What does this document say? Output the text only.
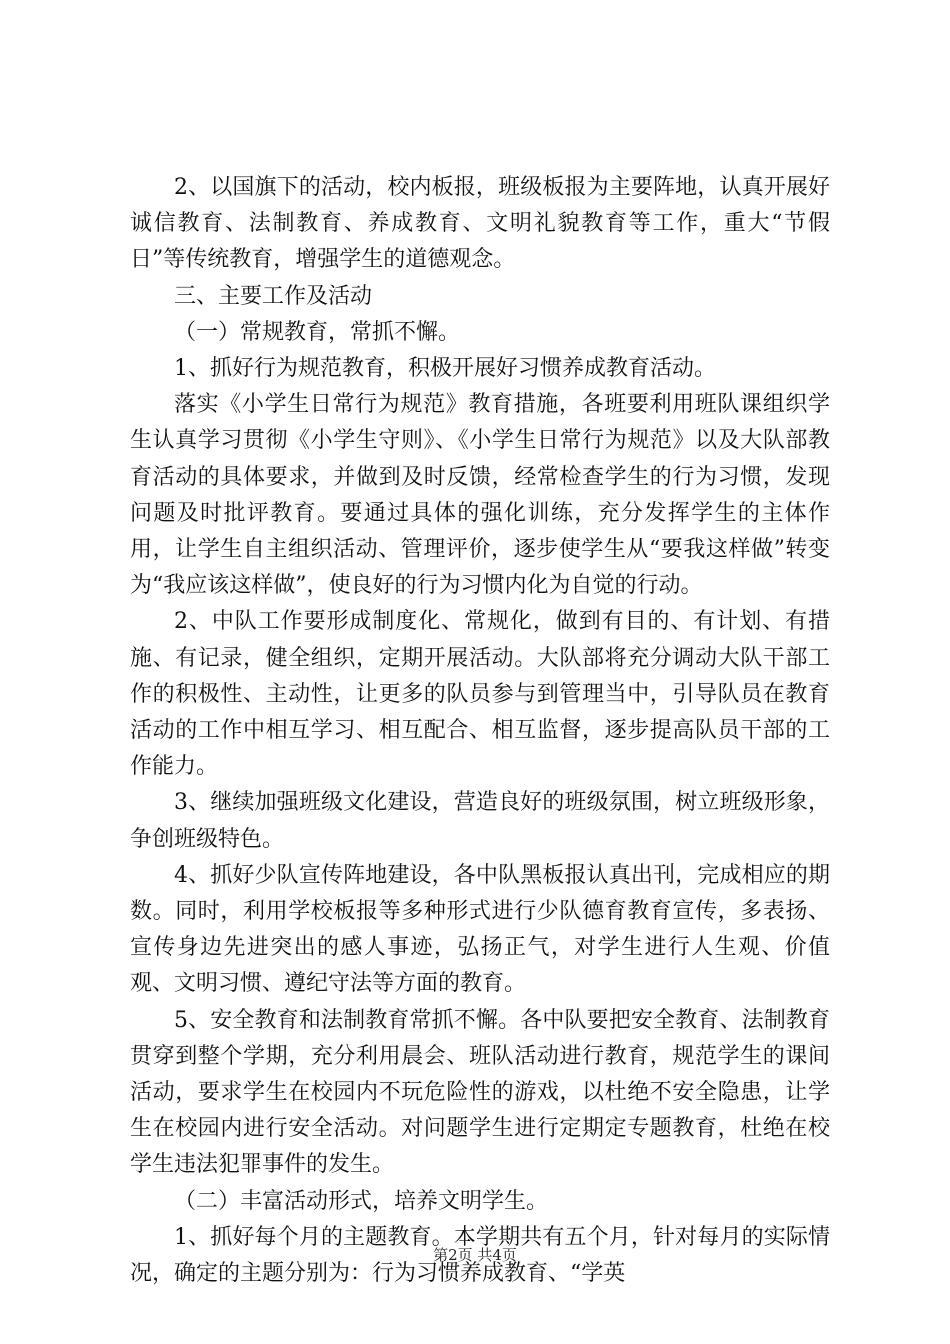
2、以国旗下的活动，校内板报，班级板报为主要阵地，认真开展好诚信教育、法制教育、养成教育、文明礼貌教育等工作，重大“节假日”等传统教育，增强学生的道德观念。

三、主要工作及活动

（一）常规教育，常抓不懈。

1、抓好行为规范教育，积极开展好习惯养成教育活动。

落实《小学生日常行为规范》教育措施，各班要利用班队课组织学生认真学习贯彻《小学生守则》、《小学生日常行为规范》以及大队部教育活动的具体要求，并做到及时反馈，经常检查学生的行为习惯，发现问题及时批评教育。要通过具体的强化训练，充分发挥学生的主体作用，让学生自主组织活动、管理评价，逐步使学生从“要我这样做”转变为“我应该这样做”，使良好的行为习惯内化为自觉的行动。

2、中队工作要形成制度化、常规化，做到有目的、有计划、有措施、有记录，健全组织，定期开展活动。大队部将充分调动大队干部工作的积极性、主动性，让更多的队员参与到管理当中，引导队员在教育活动的工作中相互学习、相互配合、相互监督，逐步提高队员干部的工作能力。

3、继续加强班级文化建设，营造良好的班级氛围，树立班级形象，争创班级特色。

4、抓好少队宣传阵地建设，各中队黑板报认真出刊，完成相应的期数。同时，利用学校板报等多种形式进行少队德育教育宣传，多表扬、宣传身边先进突出的感人事迹，弘扬正气，对学生进行人生观、价值观、文明习惯、遵纪守法等方面的教育。

5、安全教育和法制教育常抓不懈。各中队要把安全教育、法制教育贯穿到整个学期，充分利用晨会、班队活动进行教育，规范学生的课间活动，要求学生在校园内不玩危险性的游戏，以杜绝不安全隐患，让学生在校园内进行安全活动。对问题学生进行定期定专题教育，杜绝在校学生违法犯罪事件的发生。

（二）丰富活动形式，培养文明学生。

1、抓好每个月的主题教育。本学期共有五个月，针对每月的实际情况，确定的主题分别为：行为习惯养成教育、“学英

第2页 共4页
